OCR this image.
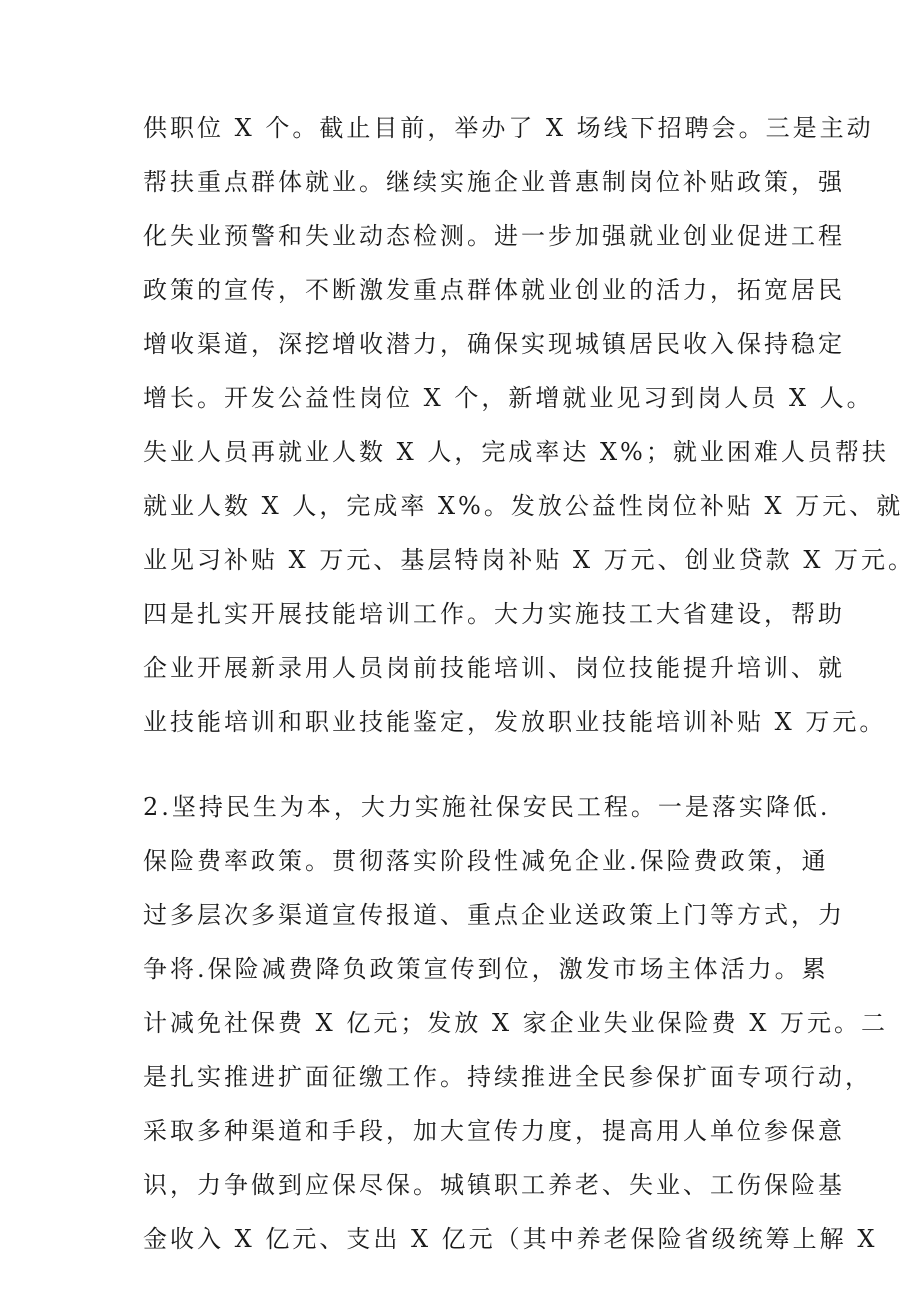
供职位 X 个。截止目前，举办了 X 场线下招聘会。三是主动
帮扶重点群体就业。继续实施企业普惠制岗位补贴政策，强
化失业预警和失业动态检测。进一步加强就业创业促进工程
政策的宣传，不断激发重点群体就业创业的活力，拓宽居民
增收渠道，深挖增收潜力，确保实现城镇居民收入保持稳定
增长。开发公益性岗位 X 个，新增就业见习到岗人员 X 人。
失业人员再就业人数 X 人，完成率达 X%；就业困难人员帮扶
就业人数 X 人，完成率 X%。发放公益性岗位补贴 X 万元、就
业见习补贴 X 万元、基层特岗补贴 X 万元、创业贷款 X 万元。
四是扎实开展技能培训工作。大力实施技工大省建设，帮助
企业开展新录用人员岗前技能培训、岗位技能提升培训、就
业技能培训和职业技能鉴定，发放职业技能培训补贴 X 万元。
2.坚持民生为本，大力实施社保安民工程。一是落实降低.
保险费率政策。贯彻落实阶段性减免企业.保险费政策，通
过多层次多渠道宣传报道、重点企业送政策上门等方式，力
争将.保险减费降负政策宣传到位，激发市场主体活力。累
计减免社保费 X 亿元；发放 X 家企业失业保险费 X 万元。二
是扎实推进扩面征缴工作。持续推进全民参保扩面专项行动，
采取多种渠道和手段，加大宣传力度，提高用人单位参保意
识，力争做到应保尽保。城镇职工养老、失业、工伤保险基
金收入 X 亿元、支出 X 亿元（其中养老保险省级统筹上解 X
